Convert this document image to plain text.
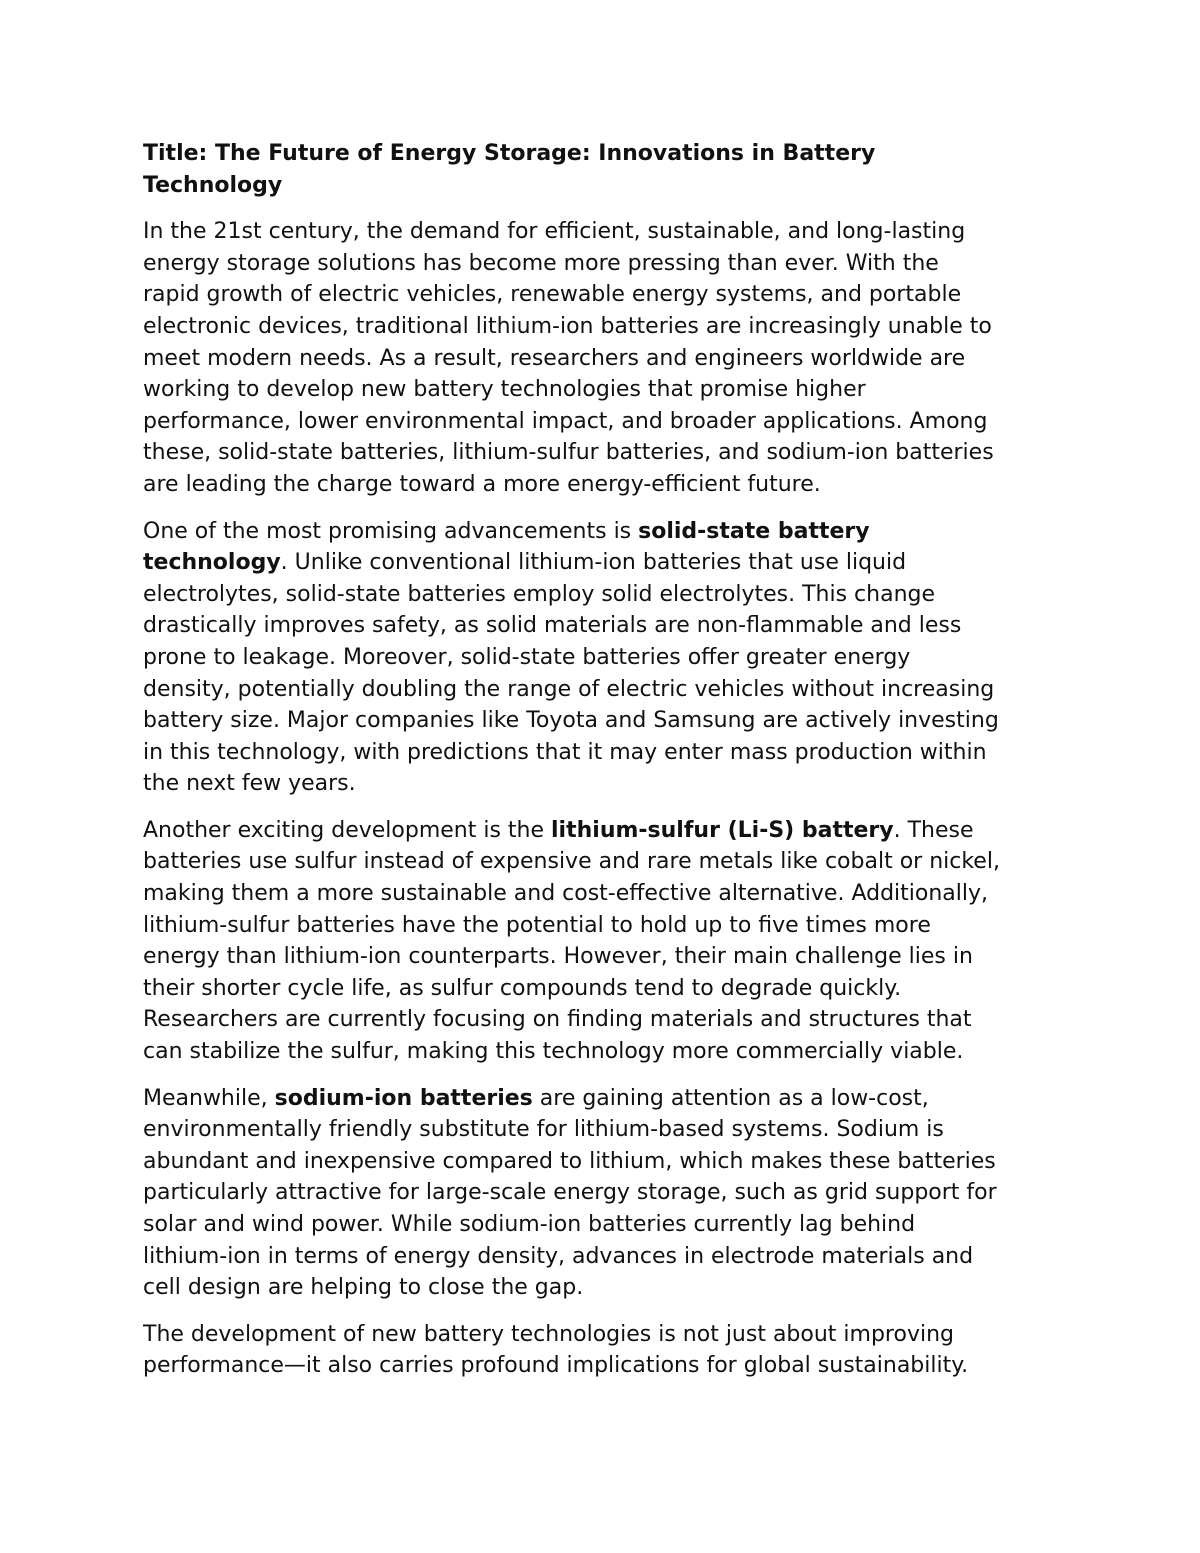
Title: The Future of Energy Storage: Innovations in Battery
Technology
In the 21st century, the demand for efficient, sustainable, and long-lasting
energy storage solutions has become more pressing than ever. With the
rapid growth of electric vehicles, renewable energy systems, and portable
electronic devices, traditional lithium-ion batteries are increasingly unable to
meet modern needs. As a result, researchers and engineers worldwide are
working to develop new battery technologies that promise higher
performance, lower environmental impact, and broader applications. Among
these, solid-state batteries, lithium-sulfur batteries, and sodium-ion batteries
are leading the charge toward a more energy-efficient future.
One of the most promising advancements is solid-state battery
technology. Unlike conventional lithium-ion batteries that use liquid
electrolytes, solid-state batteries employ solid electrolytes. This change
drastically improves safety, as solid materials are non-flammable and less
prone to leakage. Moreover, solid-state batteries offer greater energy
density, potentially doubling the range of electric vehicles without increasing
battery size. Major companies like Toyota and Samsung are actively investing
in this technology, with predictions that it may enter mass production within
the next few years.
Another exciting development is the lithium-sulfur (Li-S) battery. These
batteries use sulfur instead of expensive and rare metals like cobalt or nickel,
making them a more sustainable and cost-effective alternative. Additionally,
lithium-sulfur batteries have the potential to hold up to five times more
energy than lithium-ion counterparts. However, their main challenge lies in
their shorter cycle life, as sulfur compounds tend to degrade quickly.
Researchers are currently focusing on finding materials and structures that
can stabilize the sulfur, making this technology more commercially viable.
Meanwhile, sodium-ion batteries are gaining attention as a low-cost,
environmentally friendly substitute for lithium-based systems. Sodium is
abundant and inexpensive compared to lithium, which makes these batteries
particularly attractive for large-scale energy storage, such as grid support for
solar and wind power. While sodium-ion batteries currently lag behind
lithium-ion in terms of energy density, advances in electrode materials and
cell design are helping to close the gap.
The development of new battery technologies is not just about improving
performance—it also carries profound implications for global sustainability.
